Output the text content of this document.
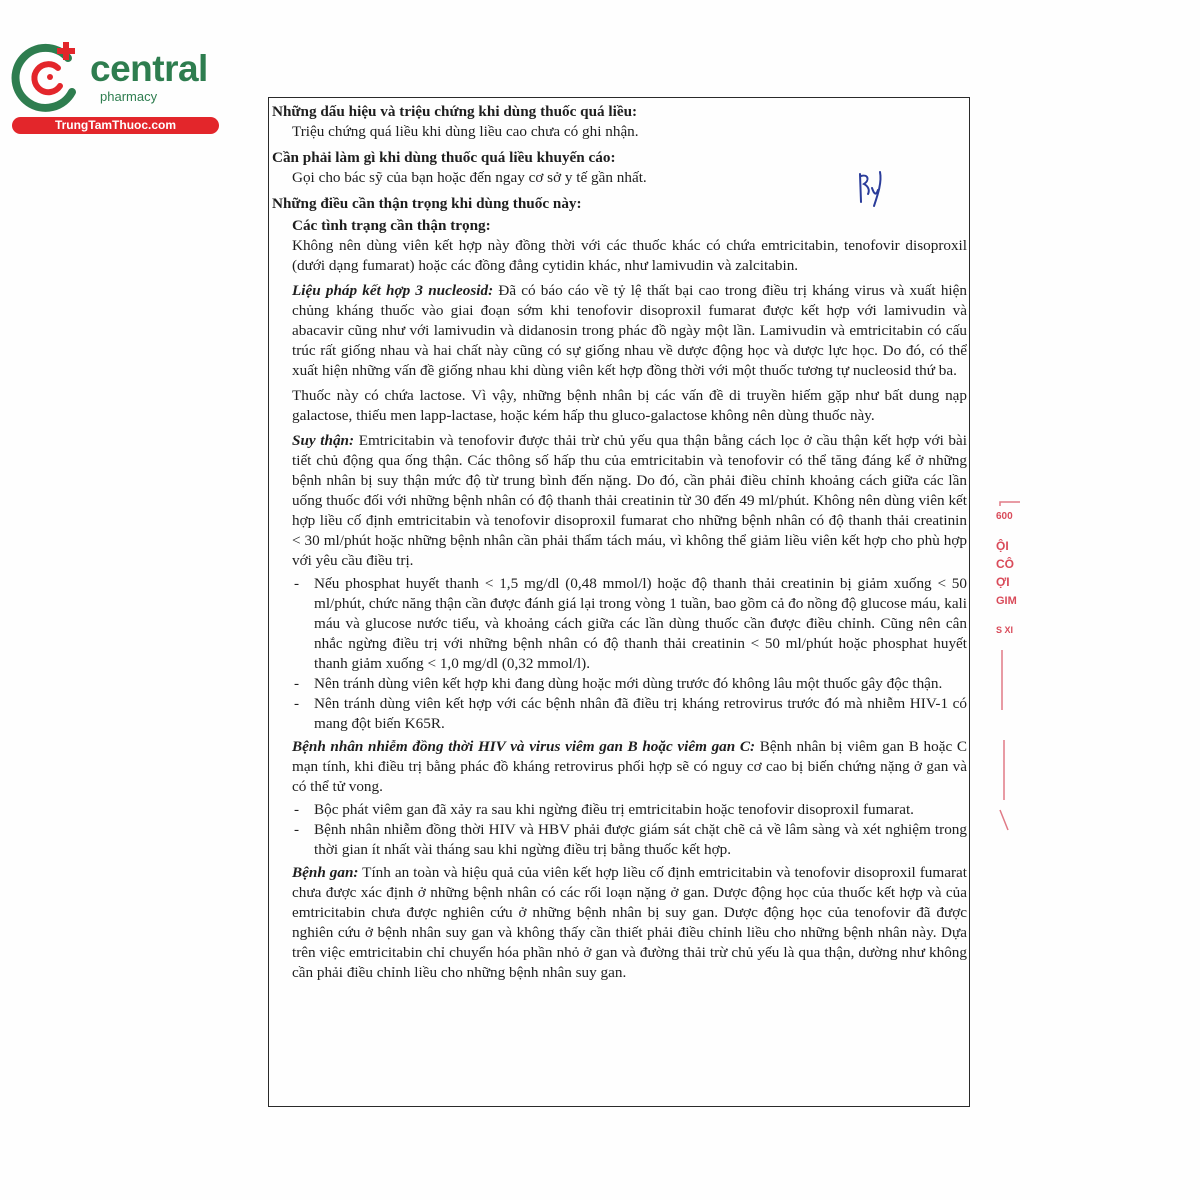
central
pharmacy
TrungTamThuoc.com

Những dấu hiệu và triệu chứng khi dùng thuốc quá liều:

Triệu chứng quá liều khi dùng liều cao chưa có ghi nhận.

Cần phải làm gì khi dùng thuốc quá liều khuyến cáo:

Gọi cho bác sỹ của bạn hoặc đến ngay cơ sở y tế gần nhất.

Những điều cần thận trọng khi dùng thuốc này:

Các tình trạng cần thận trọng:

Không nên dùng viên kết hợp này đồng thời với các thuốc khác có chứa emtricitabin, tenofovir disoproxil (dưới dạng fumarat) hoặc các đồng đẳng cytidin khác, như lamivudin và zalcitabin.

Liệu pháp kết hợp 3 nucleosid: Đã có báo cáo về tỷ lệ thất bại cao trong điều trị kháng virus và xuất hiện chủng kháng thuốc vào giai đoạn sớm khi tenofovir disoproxil fumarat được kết hợp với lamivudin và abacavir cũng như với lamivudin và didanosin trong phác đồ ngày một lần. Lamivudin và emtricitabin có cấu trúc rất giống nhau và hai chất này cũng có sự giống nhau về dược động học và dược lực học. Do đó, có thể xuất hiện những vấn đề giống nhau khi dùng viên kết hợp đồng thời với một thuốc tương tự nucleosid thứ ba.

Thuốc này có chứa lactose. Vì vậy, những bệnh nhân bị các vấn đề di truyền hiếm gặp như bất dung nạp galactose, thiếu men lapp-lactase, hoặc kém hấp thu gluco-galactose không nên dùng thuốc này.

Suy thận: Emtricitabin và tenofovir được thải trừ chủ yếu qua thận bằng cách lọc ở cầu thận kết hợp với bài tiết chủ động qua ống thận. Các thông số hấp thu của emtricitabin và tenofovir có thể tăng đáng kể ở những bệnh nhân bị suy thận mức độ từ trung bình đến nặng. Do đó, cần phải điều chỉnh khoảng cách giữa các lần uống thuốc đối với những bệnh nhân có độ thanh thải creatinin từ 30 đến 49 ml/phút. Không nên dùng viên kết hợp liều cố định emtricitabin và tenofovir disoproxil fumarat cho những bệnh nhân có độ thanh thải creatinin < 30 ml/phút hoặc những bệnh nhân cần phải thẩm tách máu, vì không thể giảm liều viên kết hợp cho phù hợp với yêu cầu điều trị.

- Nếu phosphat huyết thanh < 1,5 mg/dl (0,48 mmol/l) hoặc độ thanh thải creatinin bị giảm xuống < 50 ml/phút, chức năng thận cần được đánh giá lại trong vòng 1 tuần, bao gồm cả đo nồng độ glucose máu, kali máu và glucose nước tiểu, và khoảng cách giữa các lần dùng thuốc cần được điều chỉnh. Cũng nên cân nhắc ngừng điều trị với những bệnh nhân có độ thanh thải creatinin < 50 ml/phút hoặc phosphat huyết thanh giảm xuống < 1,0 mg/dl (0,32 mmol/l).
- Nên tránh dùng viên kết hợp khi đang dùng hoặc mới dùng trước đó không lâu một thuốc gây độc thận.
- Nên tránh dùng viên kết hợp với các bệnh nhân đã điều trị kháng retrovirus trước đó mà nhiễm HIV-1 có mang đột biến K65R.

Bệnh nhân nhiễm đồng thời HIV và virus viêm gan B hoặc viêm gan C: Bệnh nhân bị viêm gan B hoặc C mạn tính, khi điều trị bằng phác đồ kháng retrovirus phối hợp sẽ có nguy cơ cao bị biến chứng nặng ở gan và có thể tử vong.

- Bộc phát viêm gan đã xảy ra sau khi ngừng điều trị emtricitabin hoặc tenofovir disoproxil fumarat.
- Bệnh nhân nhiễm đồng thời HIV và HBV phải được giám sát chặt chẽ cả về lâm sàng và xét nghiệm trong thời gian ít nhất vài tháng sau khi ngừng điều trị bằng thuốc kết hợp.

Bệnh gan: Tính an toàn và hiệu quả của viên kết hợp liều cố định emtricitabin và tenofovir disoproxil fumarat chưa được xác định ở những bệnh nhân có các rối loạn nặng ở gan. Dược động học của thuốc kết hợp và của emtricitabin chưa được nghiên cứu ở những bệnh nhân bị suy gan. Dược động học của tenofovir đã được nghiên cứu ở bệnh nhân suy gan và không thấy cần thiết phải điều chỉnh liều cho những bệnh nhân này. Dựa trên việc emtricitabin chỉ chuyển hóa phần nhỏ ở gan và đường thải trừ chủ yếu là qua thận, dường như không cần phải điều chỉnh liều cho những bệnh nhân suy gan.

600
ỘI
CÔ
ỢI
GIM
S XI
